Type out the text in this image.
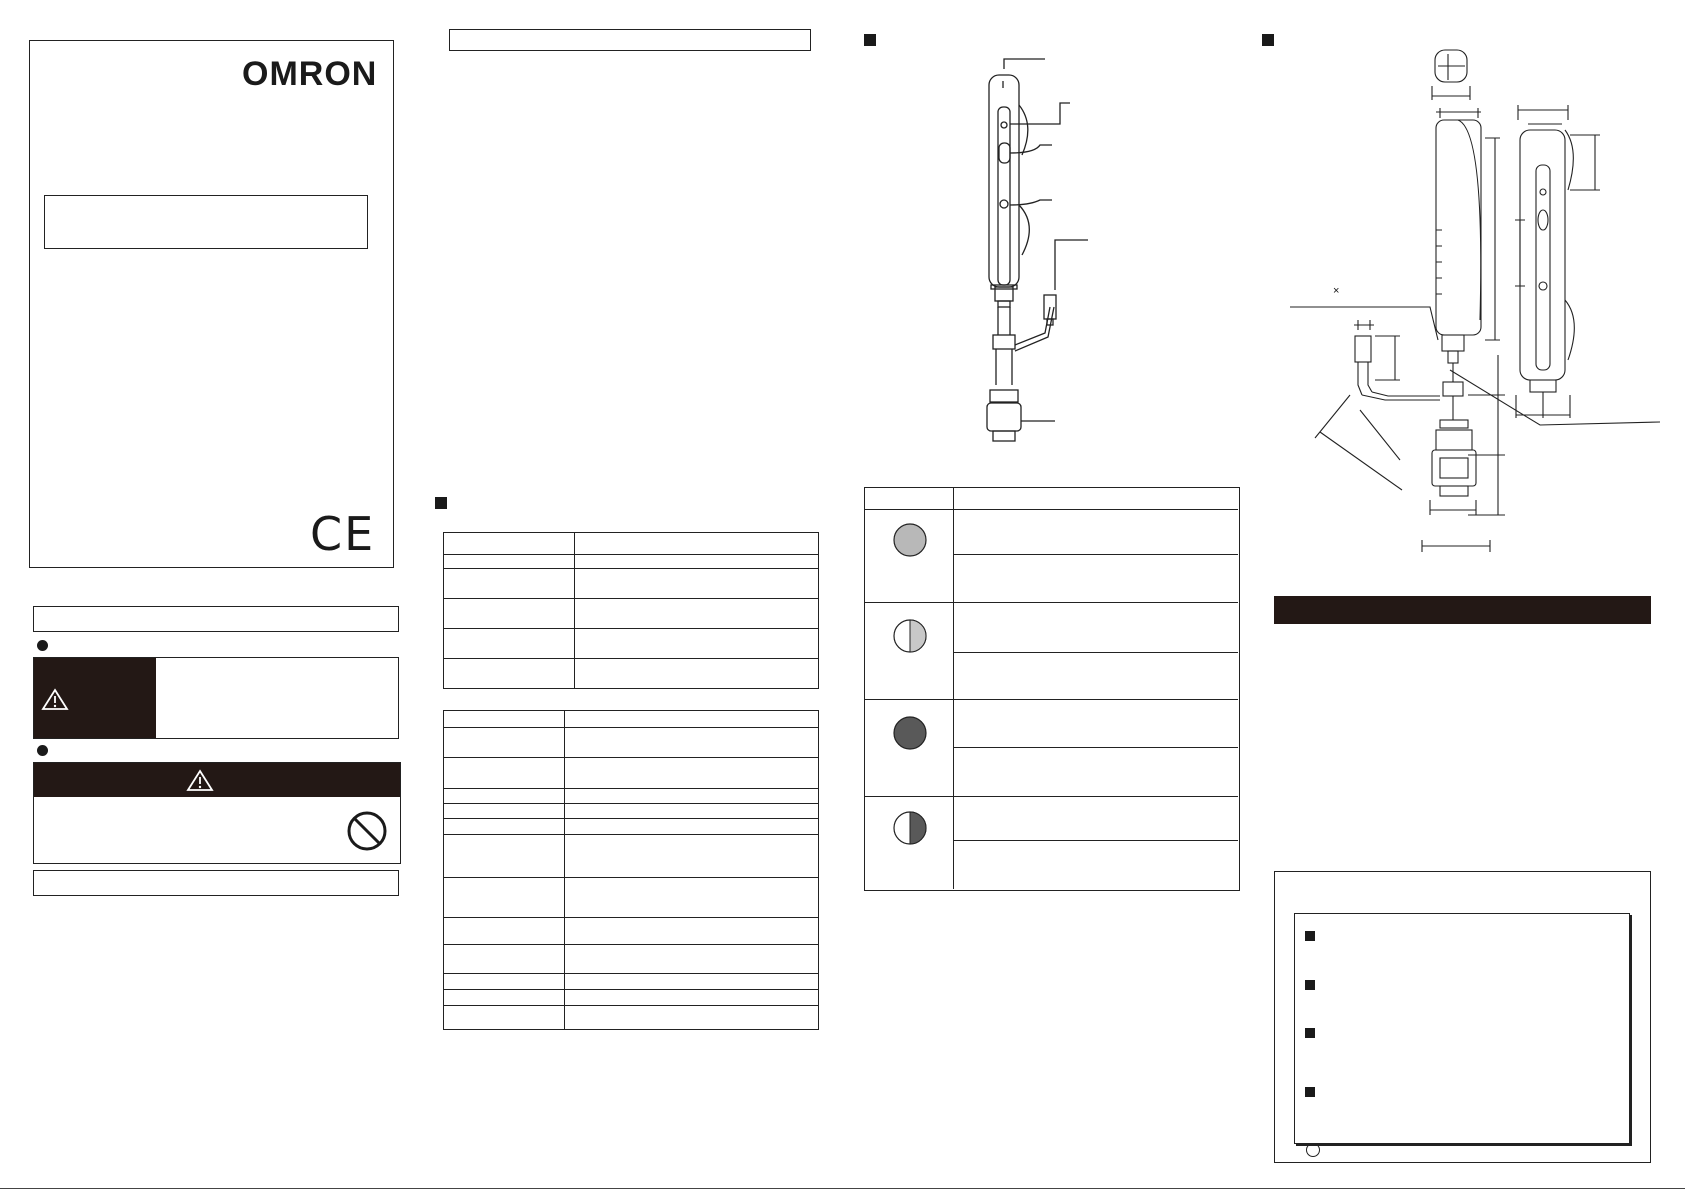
OMRON
CE

×
